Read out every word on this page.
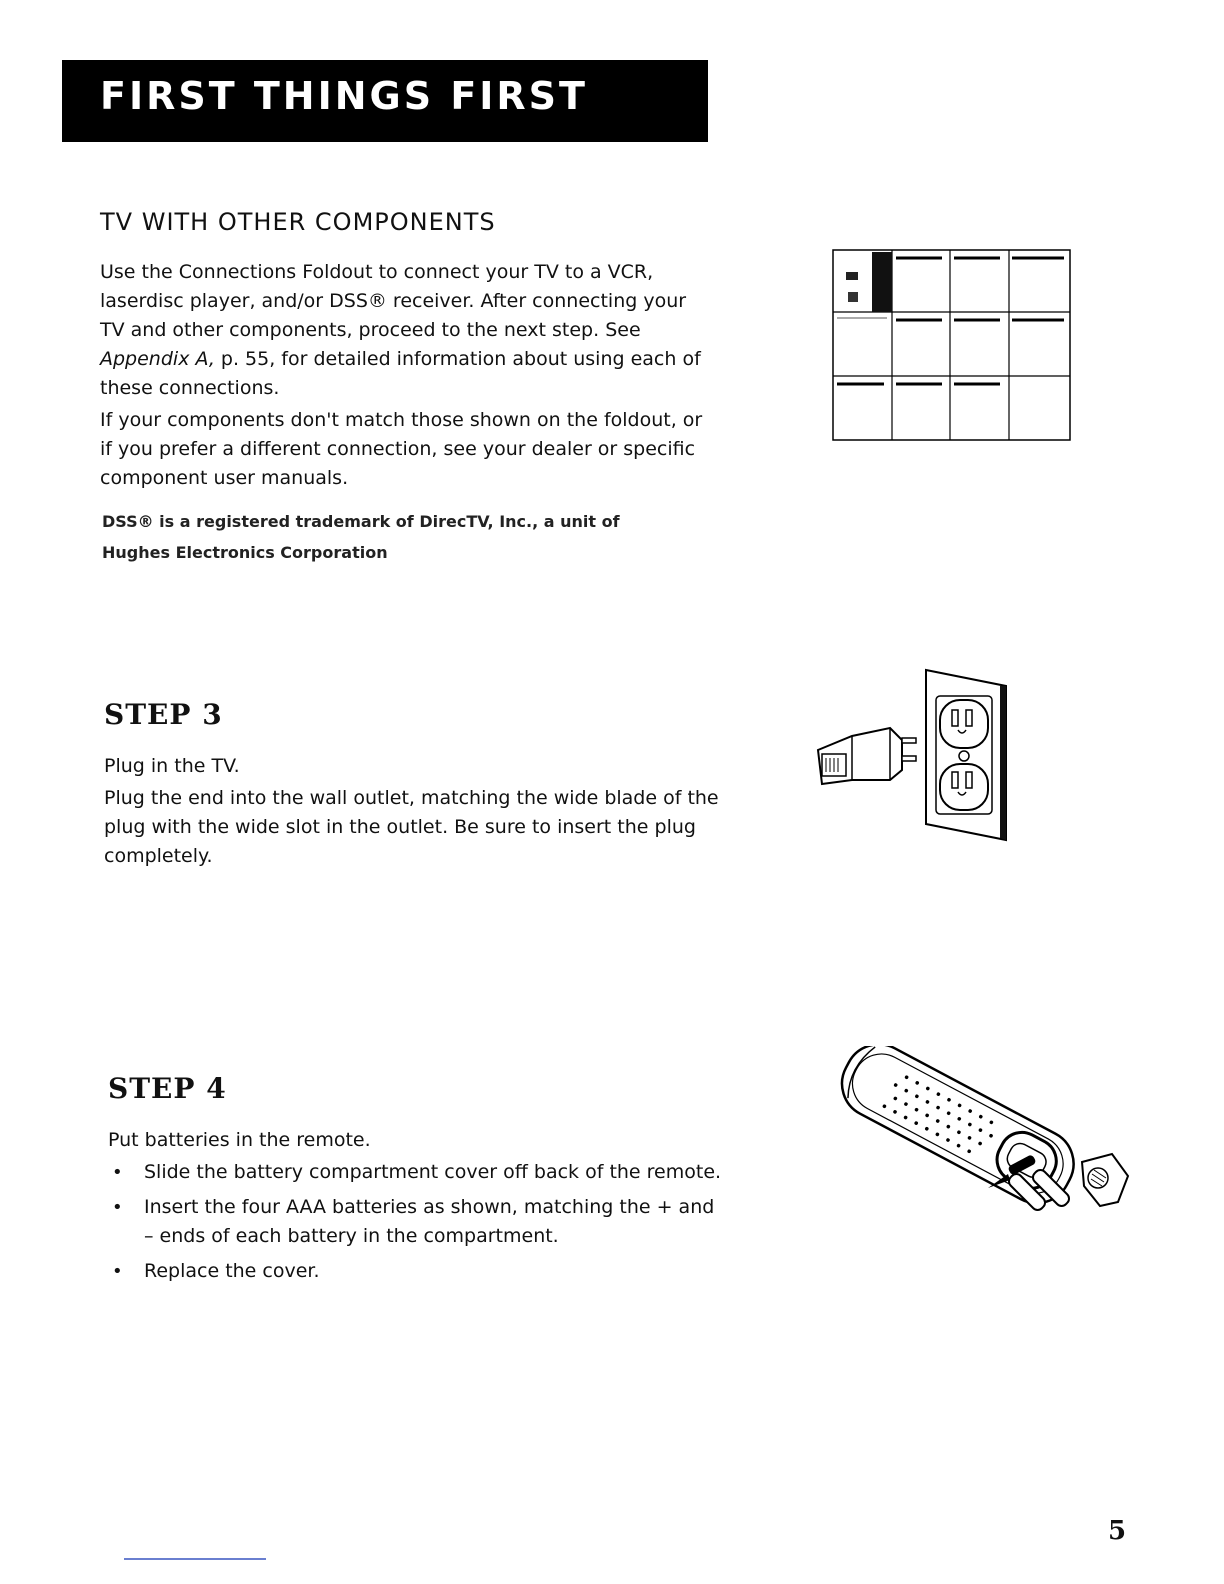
FIRST THINGS FIRST
TV WITH OTHER COMPONENTS

Use the Connections Foldout to connect your TV to a VCR, laserdisc player, and/or DSS® receiver. After connecting your TV and other components, proceed to the next step. See Appendix A, p. 55, for detailed information about using each of these connections.

If your components don't match those shown on the foldout, or if you prefer a different connection, see your dealer or specific component user manuals.

DSS® is a registered trademark of DirecTV, Inc., a unit of Hughes Electronics Corporation

STEP 3

Plug in the TV.

Plug the end into the wall outlet, matching the wide blade of the plug with the wide slot in the outlet. Be sure to insert the plug completely.

STEP 4

Put batteries in the remote.

• Slide the battery compartment cover off back of the remote.
• Insert the four AAA batteries as shown, matching the + and – ends of each battery in the compartment.
• Replace the cover.
5
